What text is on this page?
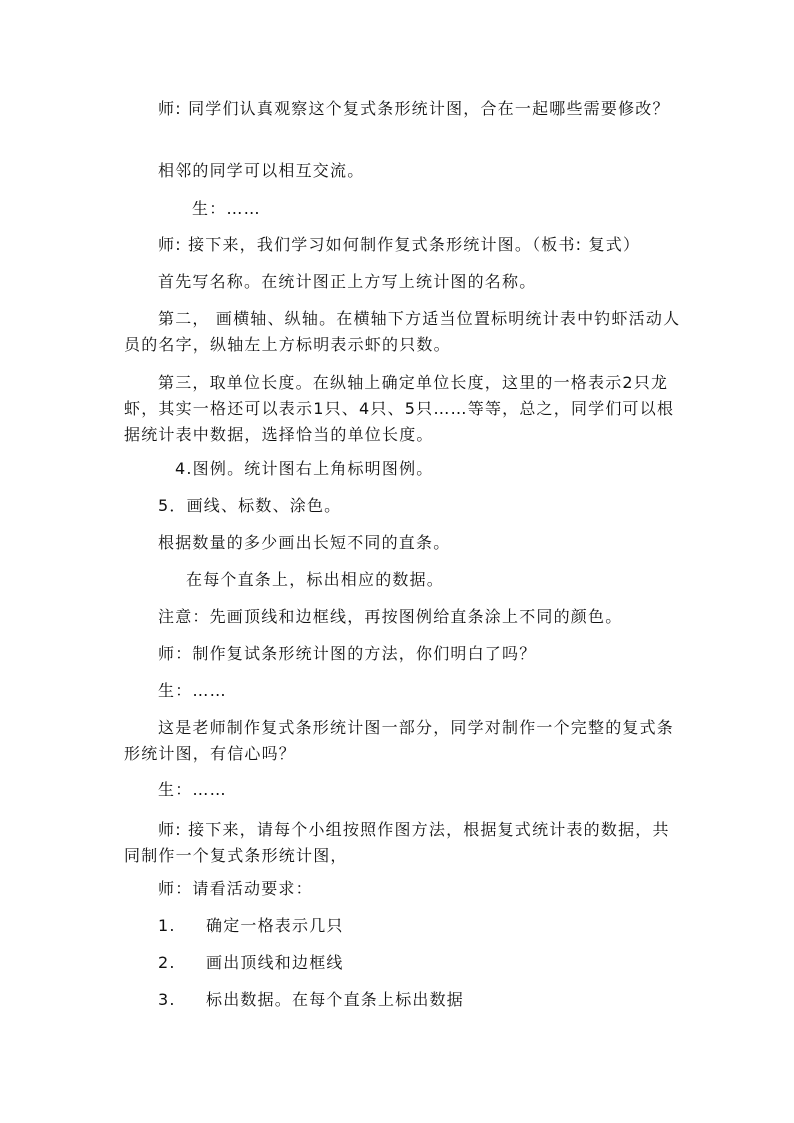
师: 同学们认真观察这个复式条形统计图，合在一起哪些需要修改？

相邻的同学可以相互交流。

生：……

师: 接下来，我们学习如何制作复式条形统计图。（板书: 复式）

首先写名称。在统计图正上方写上统计图的名称。

第二， 画横轴、纵轴。在横轴下方适当位置标明统计表中钓虾活动人员的名字，纵轴左上方标明表示虾的只数。

第三，取单位长度。在纵轴上确定单位长度，这里的一格表示2只龙虾，其实一格还可以表示1只、4只、5只……等等，总之，同学们可以根据统计表中数据，选择恰当的单位长度。

4.图例。统计图右上角标明图例。

5．画线、标数、涂色。

根据数量的多少画出长短不同的直条。

在每个直条上，标出相应的数据。

注意：先画顶线和边框线，再按图例给直条涂上不同的颜色。

师：制作复试条形统计图的方法，你们明白了吗？

生：……

这是老师制作复式条形统计图一部分，同学对制作一个完整的复式条形统计图，有信心吗？

生：……

师: 接下来，请每个小组按照作图方法，根据复式统计表的数据，共同制作一个复式条形统计图，

师：请看活动要求：

1. 确定一格表示几只

2. 画出顶线和边框线

3. 标出数据。在每个直条上标出数据
